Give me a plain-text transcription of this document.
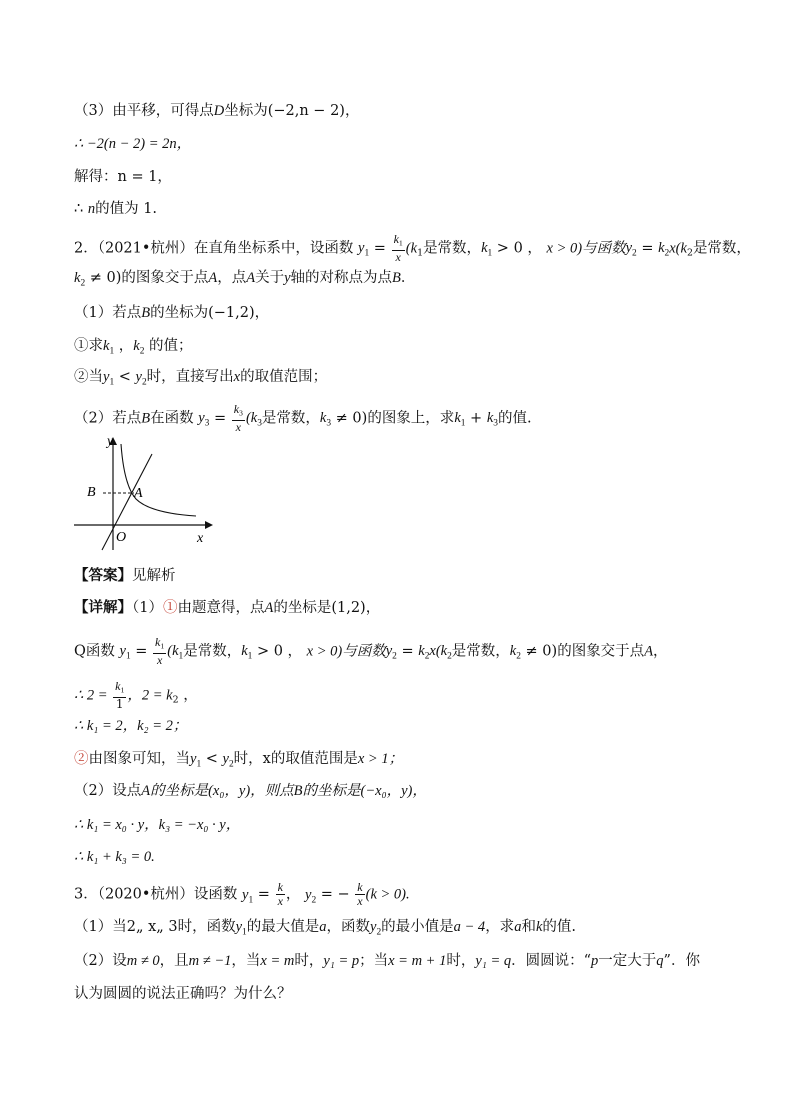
（3）由平移，可得点D坐标为(−2,n − 2)，
∴ −2(n − 2) = 2n，
解得：n = 1，
∴ n的值为 1.
2．（2021•杭州）在直角坐标系中，设函数 $y_1 = \frac{k_1}{x} (k_1$是常数，$k_1 > 0$ ， x > 0)与函数$y_2 = k_2x(k_2$是常数，
$k_2 \ne 0$)的图象交于点A，点A关于y轴的对称点为点B．
（1）若点B的坐标为(−1,2)，
①求$k_1$ ，$k_2$ 的值；
②当$y_1 < y_2$时，直接写出x的取值范围；
（2）若点B在函数 $y_3 = \frac{k_3}{x} (k_3$是常数，$k_3 \ne 0$)的图象上，求$k_1 + k_3$的值.
y
x
O
B	A
【答案】见解析
【详解】（1）①由题意得，点A的坐标是(1,2)，
Q函数 $y_1 = \frac{k_1}{x} (k_1$是常数，$k_1 > 0$ ， x > 0)与函数$y_2 = k_2x(k_2$是常数，$k_2 \ne 0$)的图象交于点A，
∴ $2 = \frac{k_1}{1}$ ，$2 = k_2$ ，
∴ k₁ = 2，k₂ = 2；
②由图象可知，当$y_1 < y_2$时，x的取值范围是x > 1；
（2）设点A的坐标是(x₀，y)，则点B的坐标是(−x₀，y)，
∴ k₁ = x₀ · y，k₃ = −x₀ · y，
∴ k₁ + k₃ = 0.
3．（2020•杭州）设函数 $y_1 = \frac{k}{x}$ ， $y_2$ = − $\frac{k}{x} (k > 0)$.
（1）当2„ x„ 3时，函数$y_1$的最大值是a，函数$y_2$的最小值是a − 4，求a和k的值.
（2）设m ≠ 0，且m ≠ −1，当x = m时，y₁ = p；当x = m + 1时，y₁ = q．圆圆说：“p一定大于q”．你
认为圆圆的说法正确吗？为什么？
